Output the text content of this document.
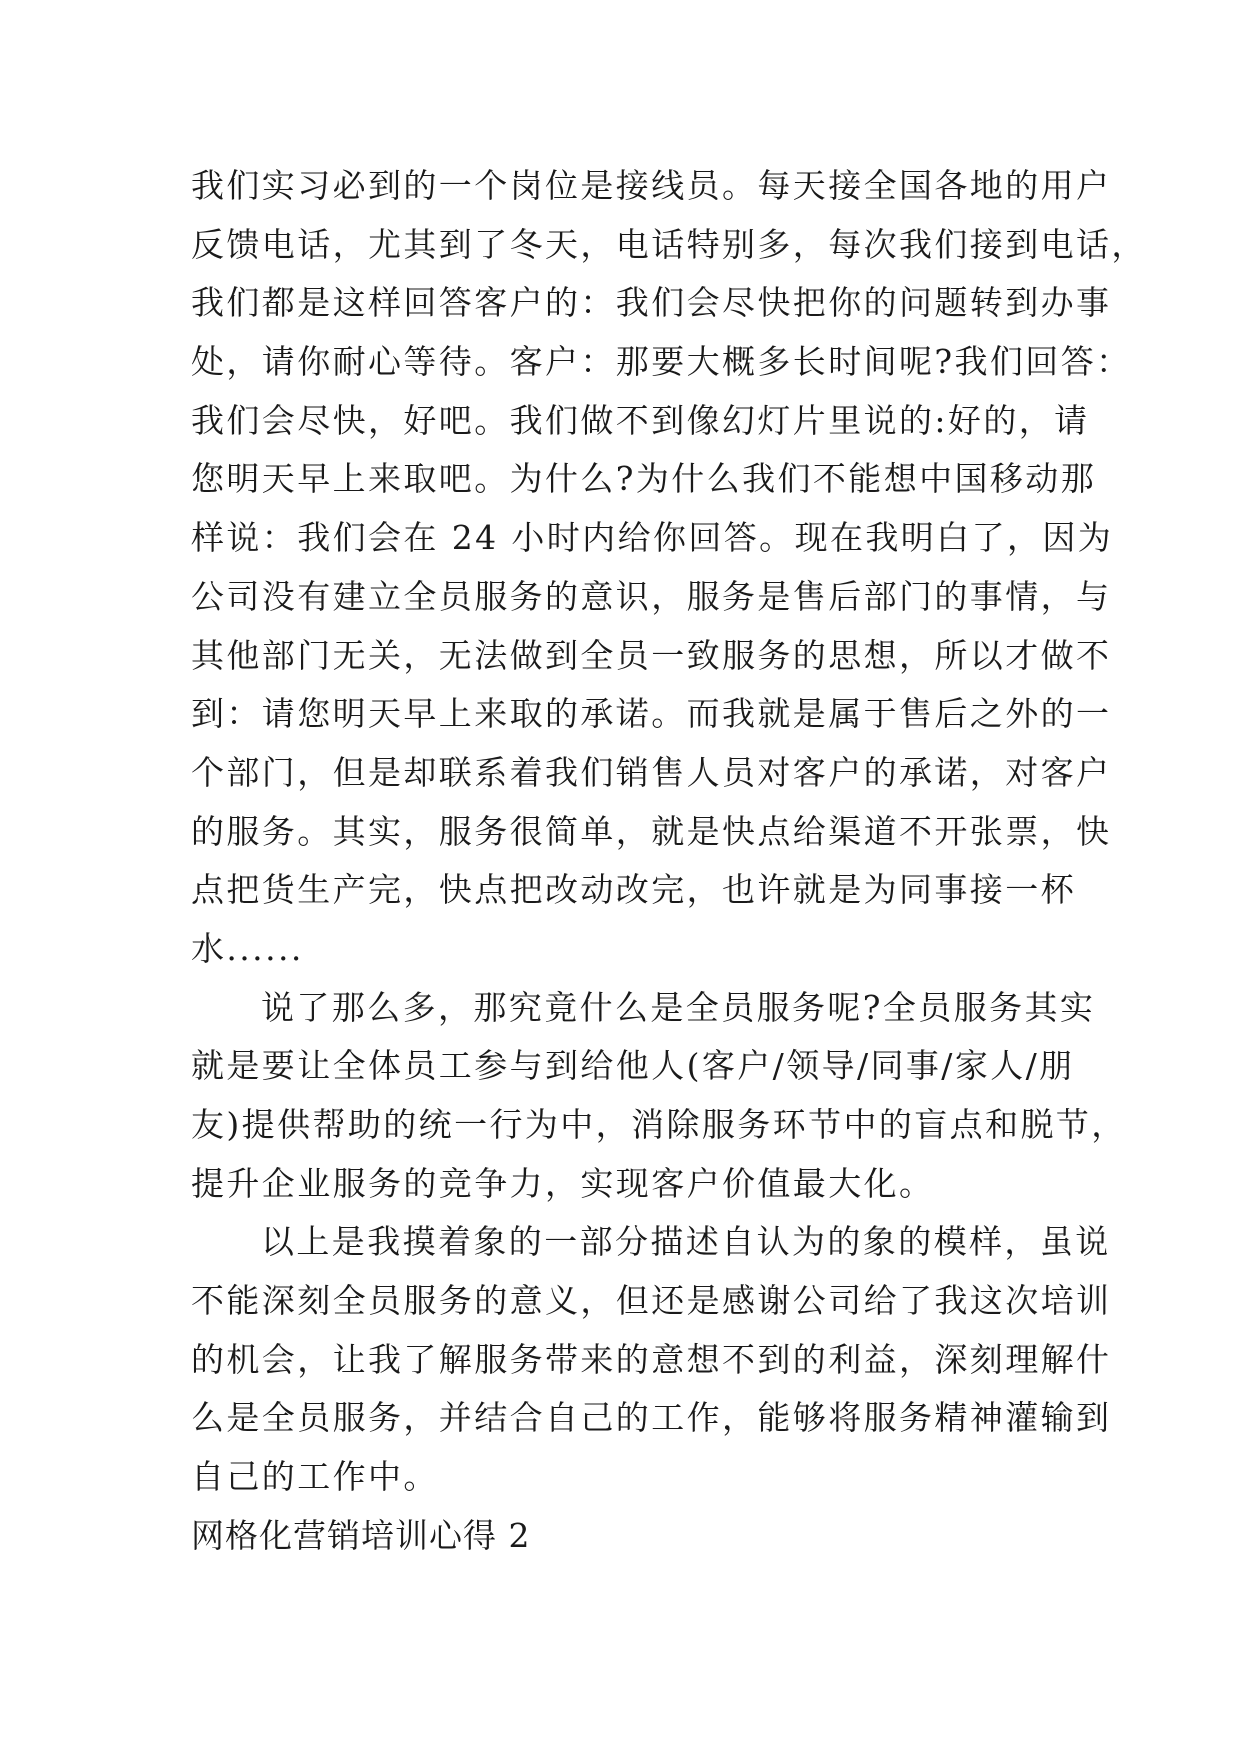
我们实习必到的一个岗位是接线员。每天接全国各地的用户
反馈电话，尤其到了冬天，电话特别多，每次我们接到电话，
我们都是这样回答客户的：我们会尽快把你的问题转到办事
处，请你耐心等待。客户：那要大概多长时间呢?我们回答：
我们会尽快，好吧。我们做不到像幻灯片里说的:好的，请
您明天早上来取吧。为什么?为什么我们不能想中国移动那
样说：我们会在 24 小时内给你回答。现在我明白了，因为
公司没有建立全员服务的意识，服务是售后部门的事情，与
其他部门无关，无法做到全员一致服务的思想，所以才做不
到：请您明天早上来取的承诺。而我就是属于售后之外的一
个部门，但是却联系着我们销售人员对客户的承诺，对客户
的服务。其实，服务很简单，就是快点给渠道不开张票，快
点把货生产完，快点把改动改完，也许就是为同事接一杯
水......
说了那么多，那究竟什么是全员服务呢?全员服务其实
就是要让全体员工参与到给他人(客户/领导/同事/家人/朋
友)提供帮助的统一行为中，消除服务环节中的盲点和脱节，
提升企业服务的竞争力，实现客户价值最大化。
以上是我摸着象的一部分描述自认为的象的模样，虽说
不能深刻全员服务的意义，但还是感谢公司给了我这次培训
的机会，让我了解服务带来的意想不到的利益，深刻理解什
么是全员服务，并结合自己的工作，能够将服务精神灌输到
自己的工作中。
网格化营销培训心得 2
